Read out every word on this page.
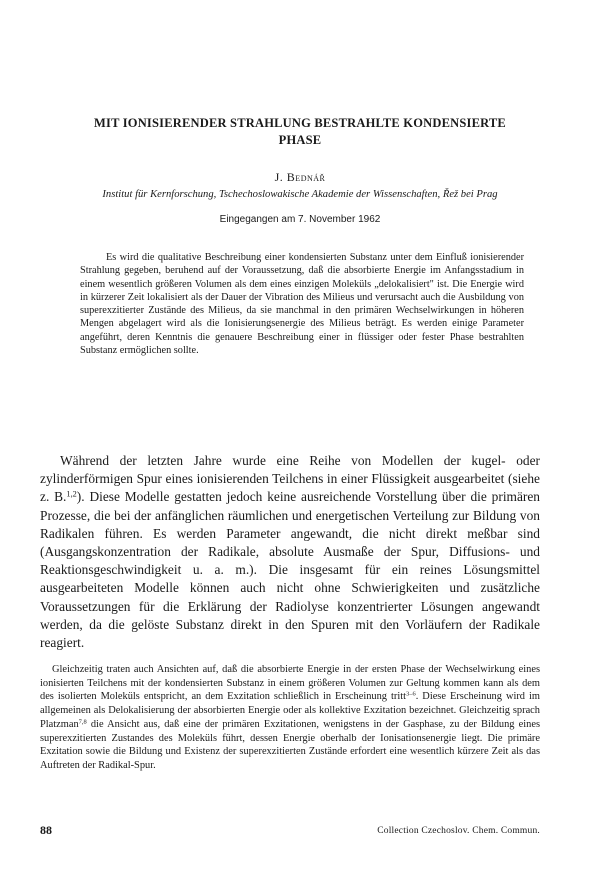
MIT IONISIERENDER STRAHLUNG BESTRAHLTE KONDENSIERTE
PHASE
J. Bednář
Institut für Kernforschung, Tschechoslowakische Akademie der Wissenschaften, Řež bei Prag
Eingegangen am 7. November 1962

Es wird die qualitative Beschreibung einer kondensierten Substanz unter dem Einfluß ionisierender Strahlung gegeben, beruhend auf der Voraussetzung, daß die absorbierte Energie im Anfangsstadium in einem wesentlich größeren Volumen als dem eines einzigen Moleküls „delokalisiert" ist. Die Energie wird in kürzerer Zeit lokalisiert als der Dauer der Vibration des Milieus und verursacht auch die Ausbildung von superexzitierter Zustände des Milieus, da sie manchmal in den primären Wechselwirkungen in höheren Mengen abgelagert wird als die Ionisierungsenergie des Milieus beträgt. Es werden einige Parameter angeführt, deren Kenntnis die genauere Beschreibung einer in flüssiger oder fester Phase bestrahlten Substanz ermöglichen sollte.

Während der letzten Jahre wurde eine Reihe von Modellen der kugel- oder zylinderförmigen Spur eines ionisierenden Teilchens in einer Flüssigkeit ausgearbeitet (siehe z. B.$^{1,2}$). Diese Modelle gestatten jedoch keine ausreichende Vorstellung über die primären Prozesse, die bei der anfänglichen räumlichen und energetischen Verteilung zur Bildung von Radikalen führen. Es werden Parameter angewandt, die nicht direkt meßbar sind (Ausgangskonzentration der Radikale, absolute Ausmaße der Spur, Diffusions- und Reaktionsgeschwindigkeit u. a. m.). Die insgesamt für ein reines Lösungsmittel ausgearbeiteten Modelle können auch nicht ohne Schwierigkeiten und zusätzliche Voraussetzungen für die Erklärung der Radiolyse konzentrierter Lösungen angewandt werden, da die gelöste Substanz direkt in den Spuren mit den Vorläufern der Radikale reagiert.

Gleichzeitig traten auch Ansichten auf, daß die absorbierte Energie in der ersten Phase der Wechselwirkung eines ionisierten Teilchens mit der kondensierten Substanz in einem größeren Volumen zur Geltung kommen kann als dem des isolierten Moleküls entspricht, an dem Exzitation schließlich in Erscheinung tritt$^{3-6}$. Diese Erscheinung wird im allgemeinen als Delokalisierung der absorbierten Energie oder als kollektive Exzitation bezeichnet. Gleichzeitig sprach Platzman$^{7,8}$ die Ansicht aus, daß eine der primären Exzitationen, wenigstens in der Gasphase, zu der Bildung eines superexzitierten Zustandes des Moleküls führt, dessen Energie oberhalb der Ionisationsenergie liegt. Die primäre Exzitation sowie die Bildung und Existenz der superexzitierten Zustände erfordert eine wesentlich kürzere Zeit als das Auftreten der Radikal-Spur.

88	Collection Czechoslov. Chem. Commun.
